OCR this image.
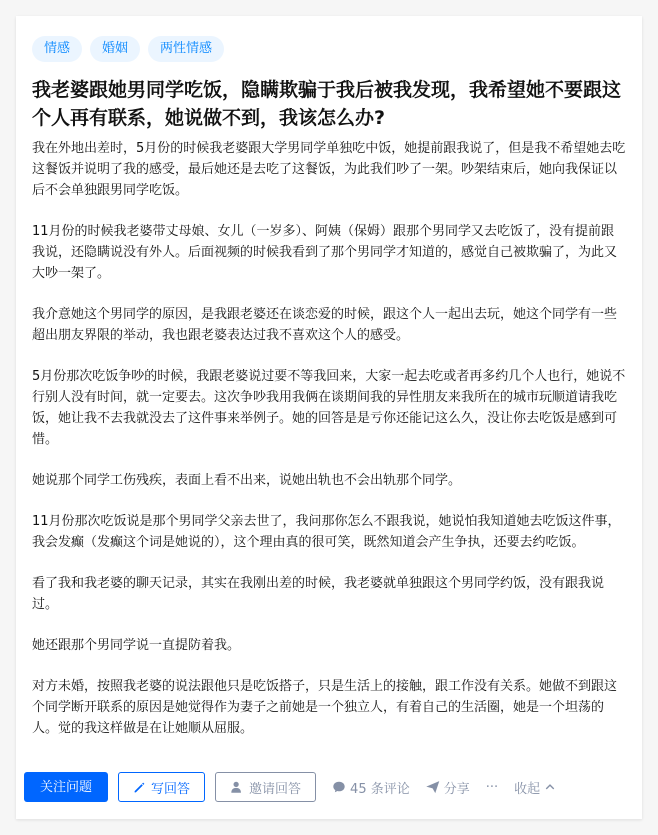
情感	婚姻	两性情感
我老婆跟她男同学吃饭，隐瞒欺骗于我后被我发现，我希望她不要跟这个人再有联系，她说做不到，我该怎么办?

我在外地出差时，5月份的时候我老婆跟大学男同学单独吃中饭，她提前跟我说了，但是我不希望她去吃这餐饭并说明了我的感受，最后她还是去吃了这餐饭，为此我们吵了一架。吵架结束后，她向我保证以后不会单独跟男同学吃饭。

11月份的时候我老婆带丈母娘、女儿（一岁多）、阿姨（保姆）跟那个男同学又去吃饭了，没有提前跟我说，还隐瞒说没有外人。后面视频的时候我看到了那个男同学才知道的，感觉自己被欺骗了，为此又大吵一架了。

我介意她这个男同学的原因，是我跟老婆还在谈恋爱的时候，跟这个人一起出去玩，她这个同学有一些超出朋友界限的举动，我也跟老婆表达过我不喜欢这个人的感受。

5月份那次吃饭争吵的时候，我跟老婆说过要不等我回来，大家一起去吃或者再多约几个人也行，她说不行别人没有时间，就一定要去。这次争吵我用我俩在谈期间我的异性朋友来我所在的城市玩顺道请我吃饭，她让我不去我就没去了这件事来举例子。她的回答是是亏你还能记这么久，没让你去吃饭是感到可惜。

她说那个同学工伤残疾，表面上看不出来，说她出轨也不会出轨那个同学。

11月份那次吃饭说是那个男同学父亲去世了，我问那你怎么不跟我说，她说怕我知道她去吃饭这件事，我会发癫（发癫这个词是她说的），这个理由真的很可笑，既然知道会产生争执，还要去约吃饭。

看了我和我老婆的聊天记录，其实在我刚出差的时候，我老婆就单独跟这个男同学约饭，没有跟我说过。

她还跟那个男同学说一直提防着我。

对方未婚，按照我老婆的说法跟他只是吃饭搭子，只是生活上的接触，跟工作没有关系。她做不到跟这个同学断开联系的原因是她觉得作为妻子之前她是一个独立人，有着自己的生活圈，她是一个坦荡的人。觉的我这样做是在让她顺从屈服。

关注问题	写回答	邀请回答	45 条评论	分享 ··· 收起
